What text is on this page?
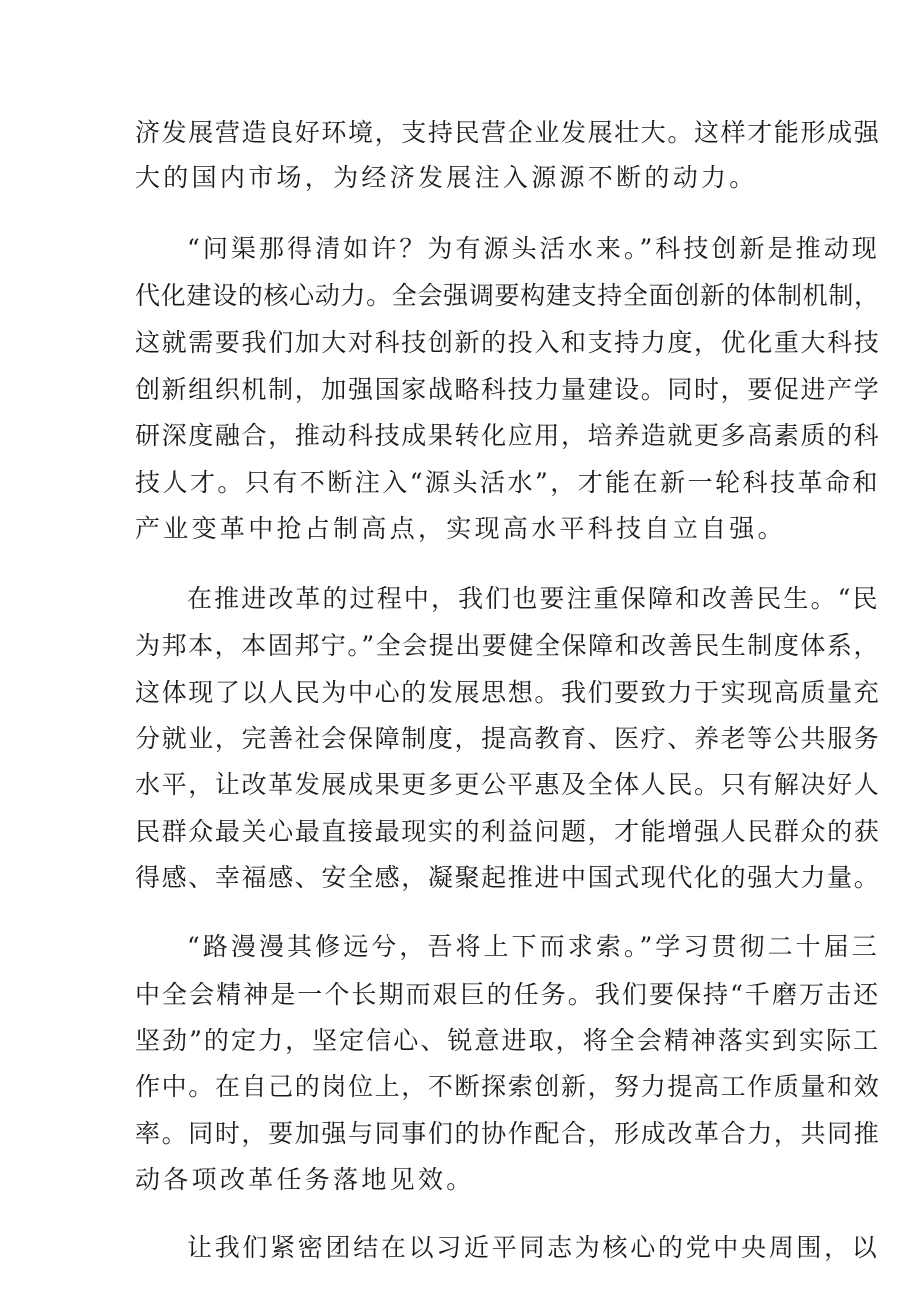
济发展营造良好环境，支持民营企业发展壮大。这样才能形成强

大的国内市场，为经济发展注入源源不断的动力。

“问渠那得清如许？为有源头活水来。”科技创新是推动现

代化建设的核心动力。全会强调要构建支持全面创新的体制机制，

这就需要我们加大对科技创新的投入和支持力度，优化重大科技

创新组织机制，加强国家战略科技力量建设。同时，要促进产学

研深度融合，推动科技成果转化应用，培养造就更多高素质的科

技人才。只有不断注入“源头活水”，才能在新一轮科技革命和

产业变革中抢占制高点，实现高水平科技自立自强。

在推进改革的过程中，我们也要注重保障和改善民生。“民

为邦本，本固邦宁。”全会提出要健全保障和改善民生制度体系，

这体现了以人民为中心的发展思想。我们要致力于实现高质量充

分就业，完善社会保障制度，提高教育、医疗、养老等公共服务

水平，让改革发展成果更多更公平惠及全体人民。只有解决好人

民群众最关心最直接最现实的利益问题，才能增强人民群众的获

得感、幸福感、安全感，凝聚起推进中国式现代化的强大力量。

“路漫漫其修远兮，吾将上下而求索。”学习贯彻二十届三

中全会精神是一个长期而艰巨的任务。我们要保持“千磨万击还

坚劲”的定力，坚定信心、锐意进取，将全会精神落实到实际工

作中。在自己的岗位上，不断探索创新，努力提高工作质量和效

率。同时，要加强与同事们的协作配合，形成改革合力，共同推

动各项改革任务落地见效。

让我们紧密团结在以习近平同志为核心的党中央周围，以
